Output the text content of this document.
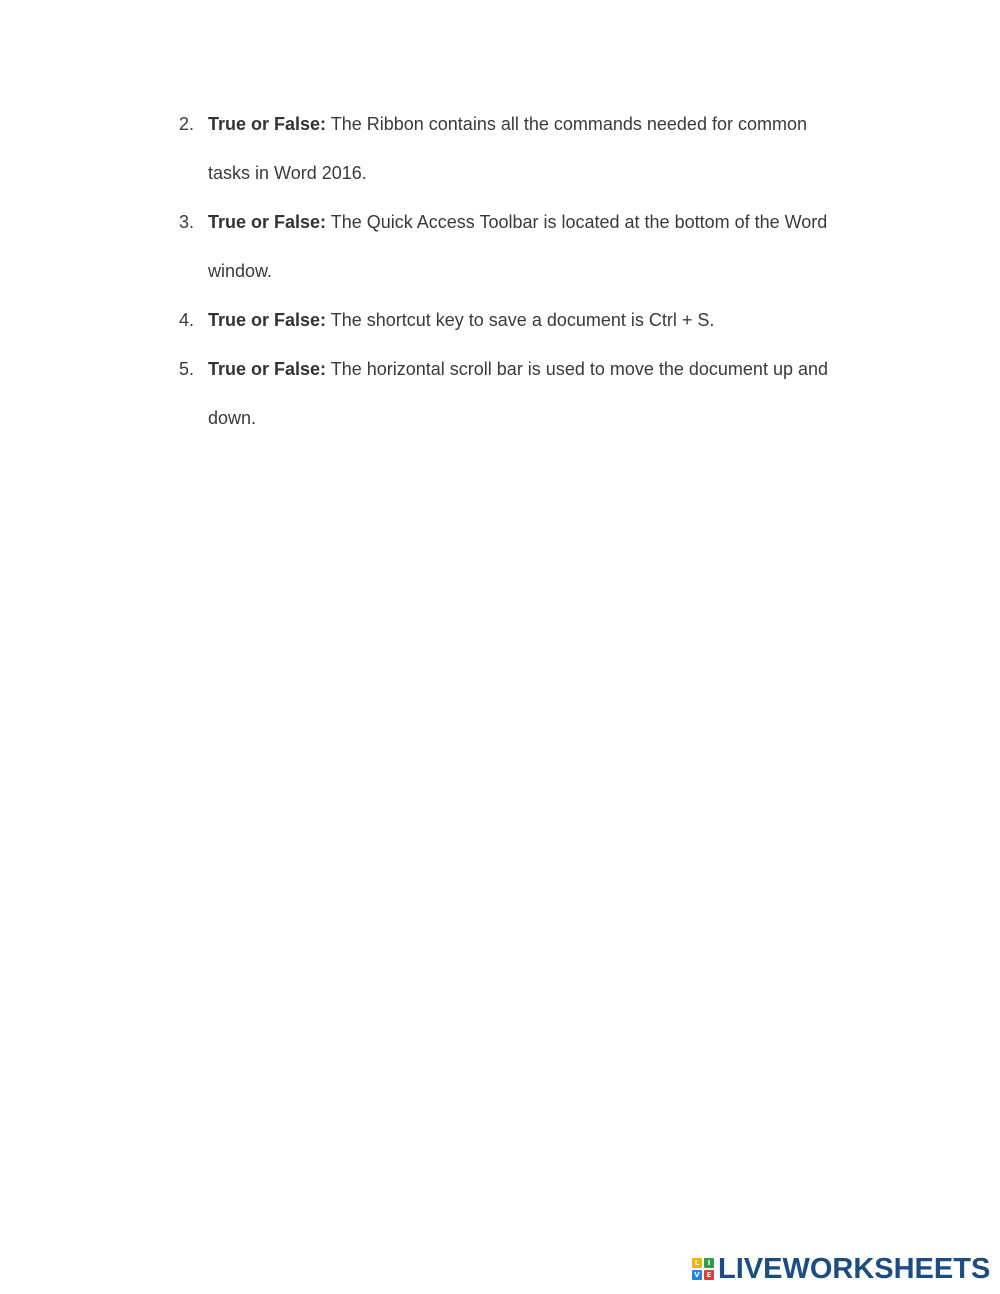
2. True or False: The Ribbon contains all the commands needed for common
tasks in Word 2016.
3. True or False: The Quick Access Toolbar is located at the bottom of the Word
window.
4. True or False: The shortcut key to save a document is Ctrl + S.
5. True or False: The horizontal scroll bar is used to move the document up and
down.
L	I
V E LIVEWORKSHEETS
